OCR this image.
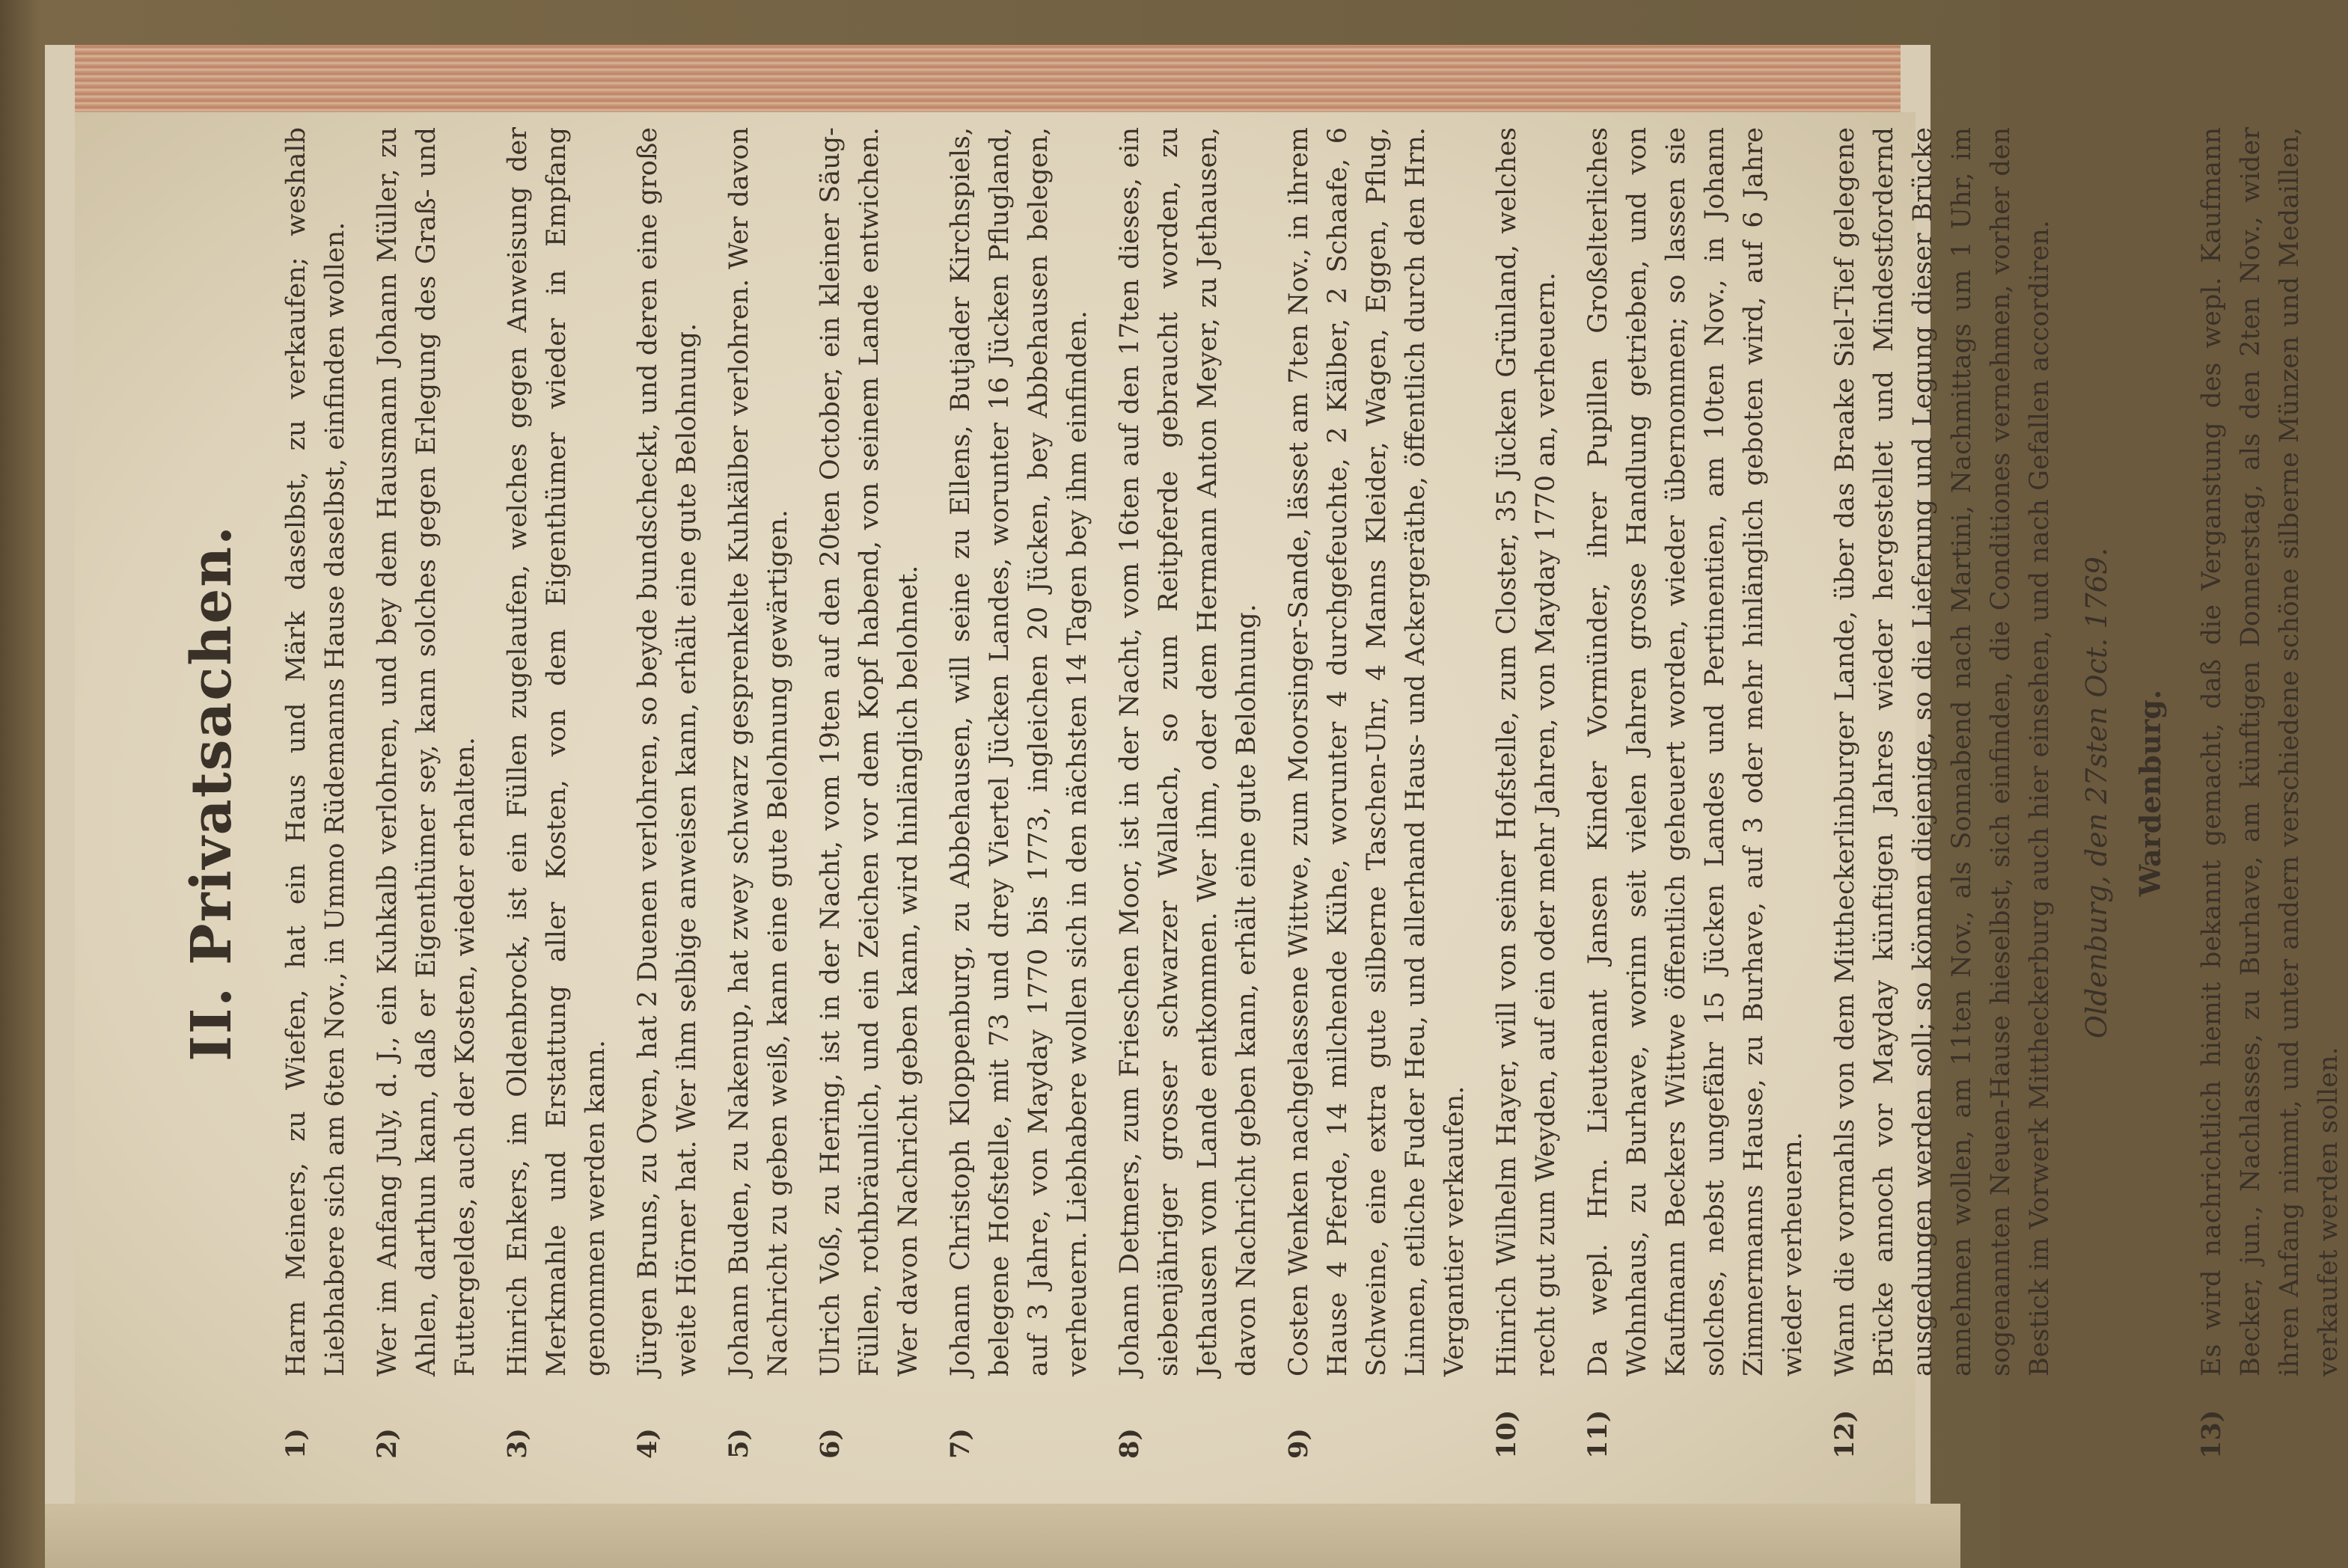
II. Privatsachen.
1)
Harm Meiners, zu Wiefen, hat ein Haus und Märk daselbst, zu verkaufen; weshalb Liebhabere sich am 6ten Nov., in Ummo Rüdemanns Hause daselbst, einfinden wollen.
2)
Wer im Anfang July, d. J., ein Kuhkalb verlohren, und bey dem Hausmann Johann Müller, zu Ahlen, darthun kann, daß er Eigenthümer sey, kann solches gegen Erlegung des Graß- und Futtergeldes, auch der Kosten, wieder erhalten.
3)
Hinrich Enkers, im Oldenbrock, ist ein Füllen zugelaufen, welches gegen Anweisung der Merkmahle und Erstattung aller Kosten, von dem Eigenthümer wieder in Empfang genommen werden kann.
4)
Jürgen Bruns, zu Oven, hat 2 Duenen verlohren, so beyde bundscheckt, und deren eine große weite Hörner hat. Wer ihm selbige anweisen kann, erhält eine gute Belohnung.
5)
Johann Buden, zu Nakenup, hat zwey schwarz gesprenkelte Kuhkälber verlohren. Wer davon Nachricht zu geben weiß, kann eine gute Belohnung gewärtigen.
6)
Ulrich Voß, zu Hering, ist in der Nacht, vom 19ten auf den 20ten October, ein kleiner Säug-Füllen, rothbräunlich, und ein Zeichen vor dem Kopf habend, von seinem Lande entwichen. Wer davon Nachricht geben kann, wird hinlänglich belohnet.
7)
Johann Christoph Kloppenburg, zu Abbehausen, will seine zu Ellens, Butjader Kirchspiels, belegene Hofstelle, mit 73 und drey Viertel Jücken Landes, worunter 16 Jücken Pflugland, auf 3 Jahre, von Mayday 1770 bis 1773, ingleichen 20 Jücken, bey Abbehausen belegen, verheuern. Liebhabere wollen sich in den nächsten 14 Tagen bey ihm einfinden.
8)
Johann Detmers, zum Frieschen Moor, ist in der Nacht, vom 16ten auf den 17ten dieses, ein siebenjähriger grosser schwarzer Wallach, so zum Reitpferde gebraucht worden, zu Jethausen vom Lande entkommen. Wer ihm, oder dem Hermann Anton Meyer, zu Jethausen, davon Nachricht geben kann, erhält eine gute Belohnung.
9)
Costen Wenken nachgelassene Wittwe, zum Moorsinger-Sande, lässet am 7ten Nov., in ihrem Hause 4 Pferde, 14 milchende Kühe, worunter 4 durchgefeuchte, 2 Kälber, 2 Schaafe, 6 Schweine, eine extra gute silberne Taschen-Uhr, 4 Manns Kleider, Wagen, Eggen, Pflug, Linnen, etliche Fuder Heu, und allerhand Haus- und Ackergeräthe, öffentlich durch den Hrn. Vergantier verkaufen.
10)
Hinrich Wilhelm Hayer, will von seiner Hofstelle, zum Closter, 35 Jücken Grünland, welches recht gut zum Weyden, auf ein oder mehr Jahren, von Mayday 1770 an, verheuern.
11)
Da wepl. Hrn. Lieutenant Jansen Kinder Vormünder, ihrer Pupillen Großelterliches Wohnhaus, zu Burhave, worinn seit vielen Jahren grosse Handlung getrieben, und von Kaufmann Beckers Wittwe öffentlich geheuert worden, wieder übernommen; so lassen sie solches, nebst ungefähr 15 Jücken Landes und Pertinentien, am 10ten Nov., in Johann Zimmermanns Hause, zu Burhave, auf 3 oder mehr hinlänglich geboten wird, auf 6 Jahre wieder verheuern.
12)
Wann die vormahls von dem Mittheckerlinburger Lande, über das Braake Siel-Tief gelegene Brücke annoch vor Mayday künftigen Jahres wieder hergestellet und Mindestfordernd ausgedungen werden soll; so können diejenige, so die Lieferung und Legung dieser Brücke annehmen wollen, am 11ten Nov., als Sonnabend nach Martini, Nachmittags um 1 Uhr, im sogenannten Neuen-Hause hieselbst, sich einfinden, die Conditiones vernehmen, vorher den Bestick im Vorwerk Mittheckerburg auch hier einsehen, und nach Gefallen accordiren. Oldenburg, den 27sten Oct. 1769. Wardenburg.
13)
Es wird nachrichtlich hiemit bekannt gemacht, daß die Verganstung des wepl. Kaufmann Becker, jun., Nachlasses, zu Burhave, am künftigen Donnerstag, als den 2ten Nov., wider ihren Anfang nimmt, und unter andern verschiedene schöne silberne Münzen und Medaillen, verkaufet werden sollen.
